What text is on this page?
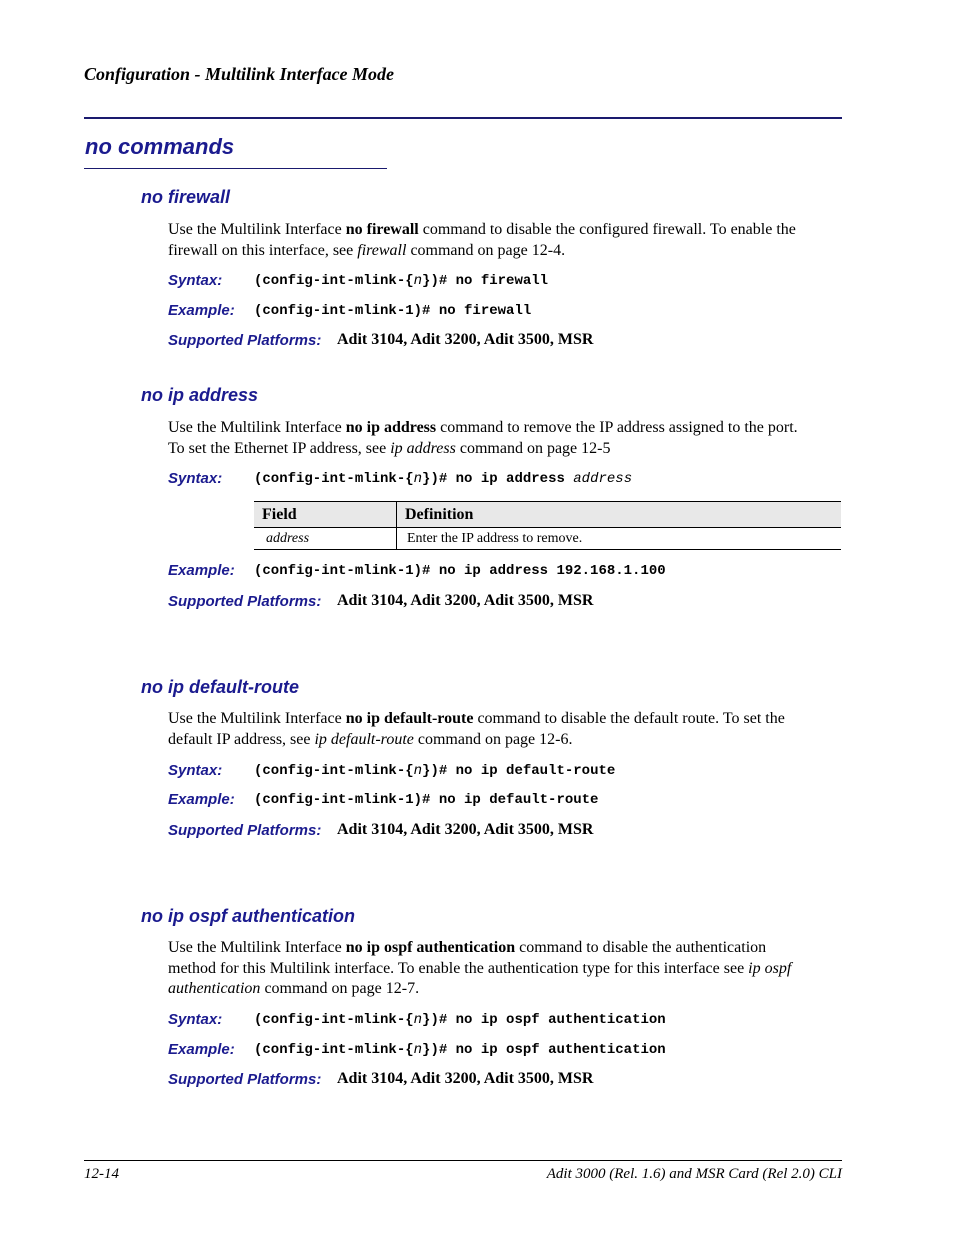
Configuration - Multilink Interface Mode
no commands
no firewall
Use the Multilink Interface no firewall command to disable the configured firewall. To enable the
firewall on this interface, see firewall command on page 12-4.
Syntax: (config-int-mlink-{n})# no firewall
Example: (config-int-mlink-1)# no firewall
Supported Platforms: Adit 3104, Adit 3200, Adit 3500, MSR
no ip address
Use the Multilink Interface no ip address command to remove the IP address assigned to the port.
To set the Ethernet IP address, see ip address command on page 12-5
Syntax: (config-int-mlink-{n})# no ip address address
Field	Definition
address	Enter the IP address to remove.
Example: (config-int-mlink-1)# no ip address 192.168.1.100
Supported Platforms: Adit 3104, Adit 3200, Adit 3500, MSR
no ip default-route
Use the Multilink Interface no ip default-route command to disable the default route. To set the
default IP address, see ip default-route command on page 12-6.
Syntax: (config-int-mlink-{n})# no ip default-route
Example: (config-int-mlink-1)# no ip default-route
Supported Platforms: Adit 3104, Adit 3200, Adit 3500, MSR
no ip ospf authentication
Use the Multilink Interface no ip ospf authentication command to disable the authentication
method for this Multilink interface. To enable the authentication type for this interface see ip ospf
authentication command on page 12-7.
Syntax: (config-int-mlink-{n})# no ip ospf authentication
Example: (config-int-mlink-{n})# no ip ospf authentication
Supported Platforms: Adit 3104, Adit 3200, Adit 3500, MSR
12-14	Adit 3000 (Rel. 1.6) and MSR Card (Rel 2.0) CLI
